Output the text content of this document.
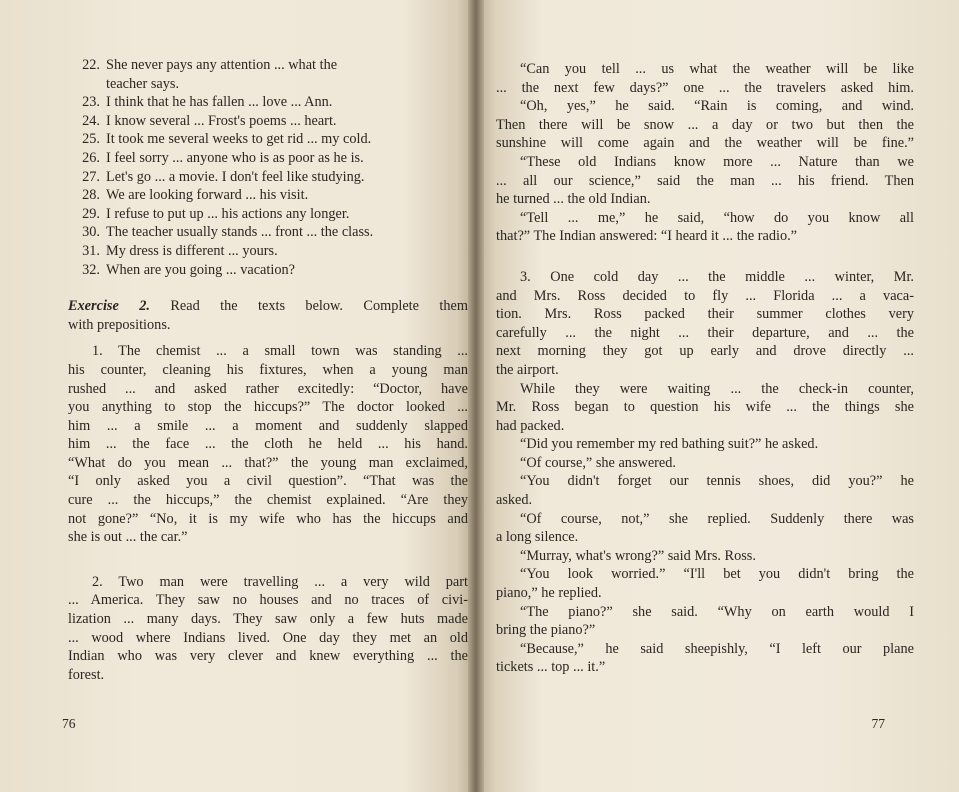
22. She never pays any attention ... what the
teacher says.
23. I think that he has fallen ... love ... Ann.
24. I know several ... Frost's poems ... heart.
25. It took me several weeks to get rid ... my cold.
26. I feel sorry ... anyone who is as poor as he is.
27. Let's go ... a movie. I don't feel like studying.
28. We are looking forward ... his visit.
29. I refuse to put up ... his actions any longer.
30. The teacher usually stands ... front ... the class.
31. My dress is different ... yours.
32. When are you going ... vacation?
Exercise 2. Read the texts below. Complete them
with prepositions.
1. The chemist ... a small town was standing ...
his counter, cleaning his fixtures, when a young man
rushed ... and asked rather excitedly: “Doctor, have
you anything to stop the hiccups?” The doctor looked ...
him ... a smile ... a moment and suddenly slapped
him ... the face ... the cloth he held ... his hand.
“What do you mean ... that?” the young man exclaimed,
“I only asked you a civil question”. “That was the
cure ... the hiccups,” the chemist explained. “Are they
not gone?” “No, it is my wife who has the hiccups and
she is out ... the car.”
2. Two man were travelling ... a very wild part
... America. They saw no houses and no traces of civi-
lization ... many days. They saw only a few huts made
... wood where Indians lived. One day they met an old
Indian who was very clever and knew everything ... the
forest.
76
“Can you tell ... us what the weather will be like
... the next few days?” one ... the travelers asked him.
“Oh, yes,” he said. “Rain is coming, and wind.
Then there will be snow ... a day or two but then the
sunshine will come again and the weather will be fine.”
“These old Indians know more ... Nature than we
... all our science,” said the man ... his friend. Then
he turned ... the old Indian.
“Tell ... me,” he said, “how do you know all
that?” The Indian answered: “I heard it ... the radio.”
3. One cold day ... the middle ... winter, Mr.
and Mrs. Ross decided to fly ... Florida ... a vaca-
tion. Mrs. Ross packed their summer clothes very
carefully ... the night ... their departure, and ... the
next morning they got up early and drove directly ...
the airport.
While they were waiting ... the check-in counter,
Mr. Ross began to question his wife ... the things she
had packed.
“Did you remember my red bathing suit?” he asked.
“Of course,” she answered.
“You didn't forget our tennis shoes, did you?” he
asked.
“Of course, not,” she replied. Suddenly there was
a long silence.
“Murray, what's wrong?” said Mrs. Ross.
“You look worried.” “I'll bet you didn't bring the
piano,” he replied.
“The piano?” she said. “Why on earth would I
bring the piano?”
“Because,” he said sheepishly, “I left our plane
tickets ... top ... it.”
77
